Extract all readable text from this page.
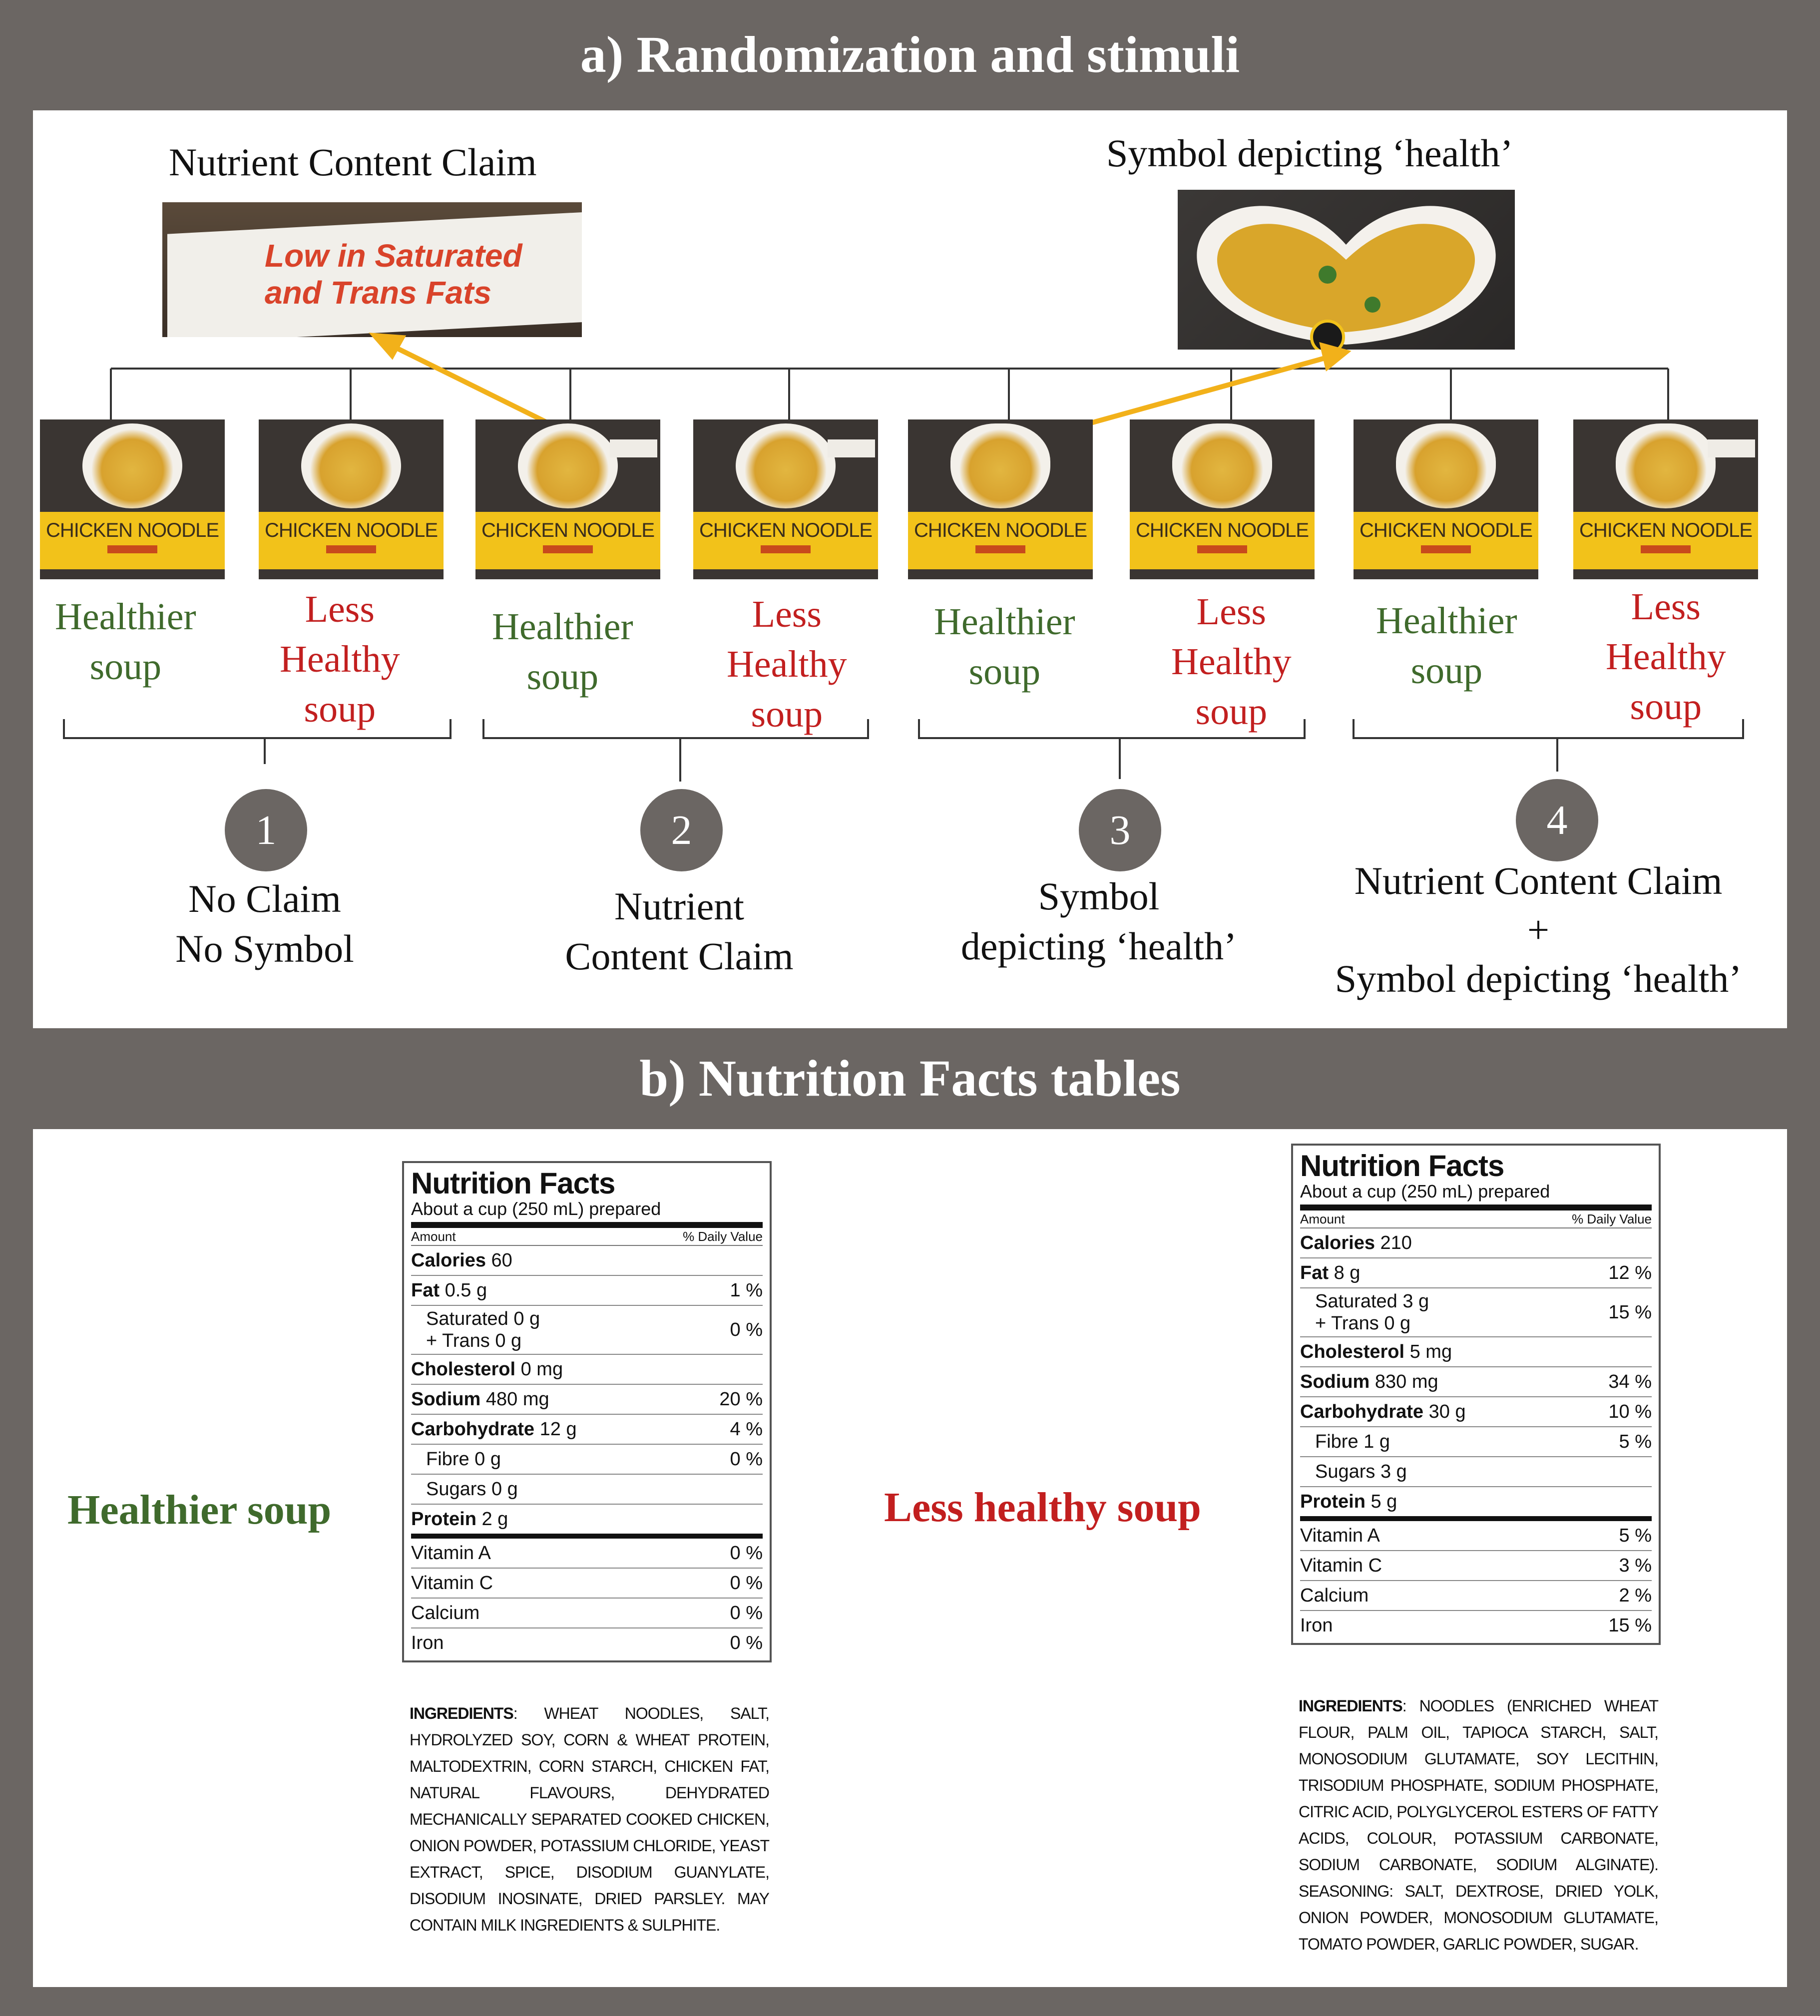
a) Randomization and stimuli
b) Nutrition Facts tables
Nutrient Content Claim	Symbol depicting ‘health’
Low in Saturated
and Trans Fats
CHICKEN NOODLE CHICKEN NOODLE CHICKEN NOODLE CHICKEN NOODLE CHICKEN NOODLE CHICKEN NOODLE	CHICKEN NOODLE CHICKEN NOODLE
Healthier
soup
Less
Healthy
soup
Healthier
soup
Less
Healthy
soup
Healthier
soup
Less
Healthy
soup
Healthier
soup
Less
Healthy
soup
1	2	3	4
No Claim
No Symbol
Nutrient
Content Claim
Symbol
depicting ‘health’
Nutrient Content Claim
+
Symbol depicting ‘health’
Healthier soup	Less healthy soup
Nutrition Facts
About a cup (250 mL) prepared
Amount	% Daily Value
Calories 60
Fat 0.5 g	1 %
Saturated 0 g
+ Trans 0 g
0 %
Cholesterol 0 mg
Sodium 480 mg	20 %
Carbohydrate 12 g	4 %
Fibre 0 g	0 %
Sugars 0 g
Protein 2 g
Vitamin A	0 %
Vitamin C	0 %
Calcium	0 %
Iron	0 %
INGREDIENTS: WHEAT NOODLES, SALT, HYDROLYZED SOY, CORN & WHEAT PROTEIN, MALTODEXTRIN, CORN STARCH, CHICKEN FAT, NATURAL FLAVOURS, DEHYDRATED MECHANICALLY SEPARATED COOKED CHICKEN, ONION POWDER, POTASSIUM CHLORIDE, YEAST EXTRACT, SPICE, DISODIUM GUANYLATE, DISODIUM INOSINATE, DRIED PARSLEY. MAY CONTAIN MILK INGREDIENTS & SULPHITE.
Nutrition Facts
About a cup (250 mL) prepared
Amount	% Daily Value
Calories 210
Fat 8 g	12 %
Saturated 3 g
+ Trans 0 g
15 %
Cholesterol 5 mg
Sodium 830 mg	34 %
Carbohydrate 30 g	10 %
Fibre 1 g	5 %
Sugars 3 g
Protein 5 g
Vitamin A	5 %
Vitamin C	3 %
Calcium	2 %
Iron	15 %
INGREDIENTS: NOODLES (ENRICHED WHEAT FLOUR, PALM OIL, TAPIOCA STARCH, SALT, MONOSODIUM GLUTAMATE, SOY LECITHIN, TRISODIUM PHOSPHATE, SODIUM PHOSPHATE, CITRIC ACID, POLYGLYCEROL ESTERS OF FATTY ACIDS, COLOUR, POTASSIUM CARBONATE, SODIUM CARBONATE, SODIUM ALGINATE). SEASONING: SALT, DEXTROSE, DRIED YOLK, ONION POWDER, MONOSODIUM GLUTAMATE, TOMATO POWDER, GARLIC POWDER, SUGAR.
